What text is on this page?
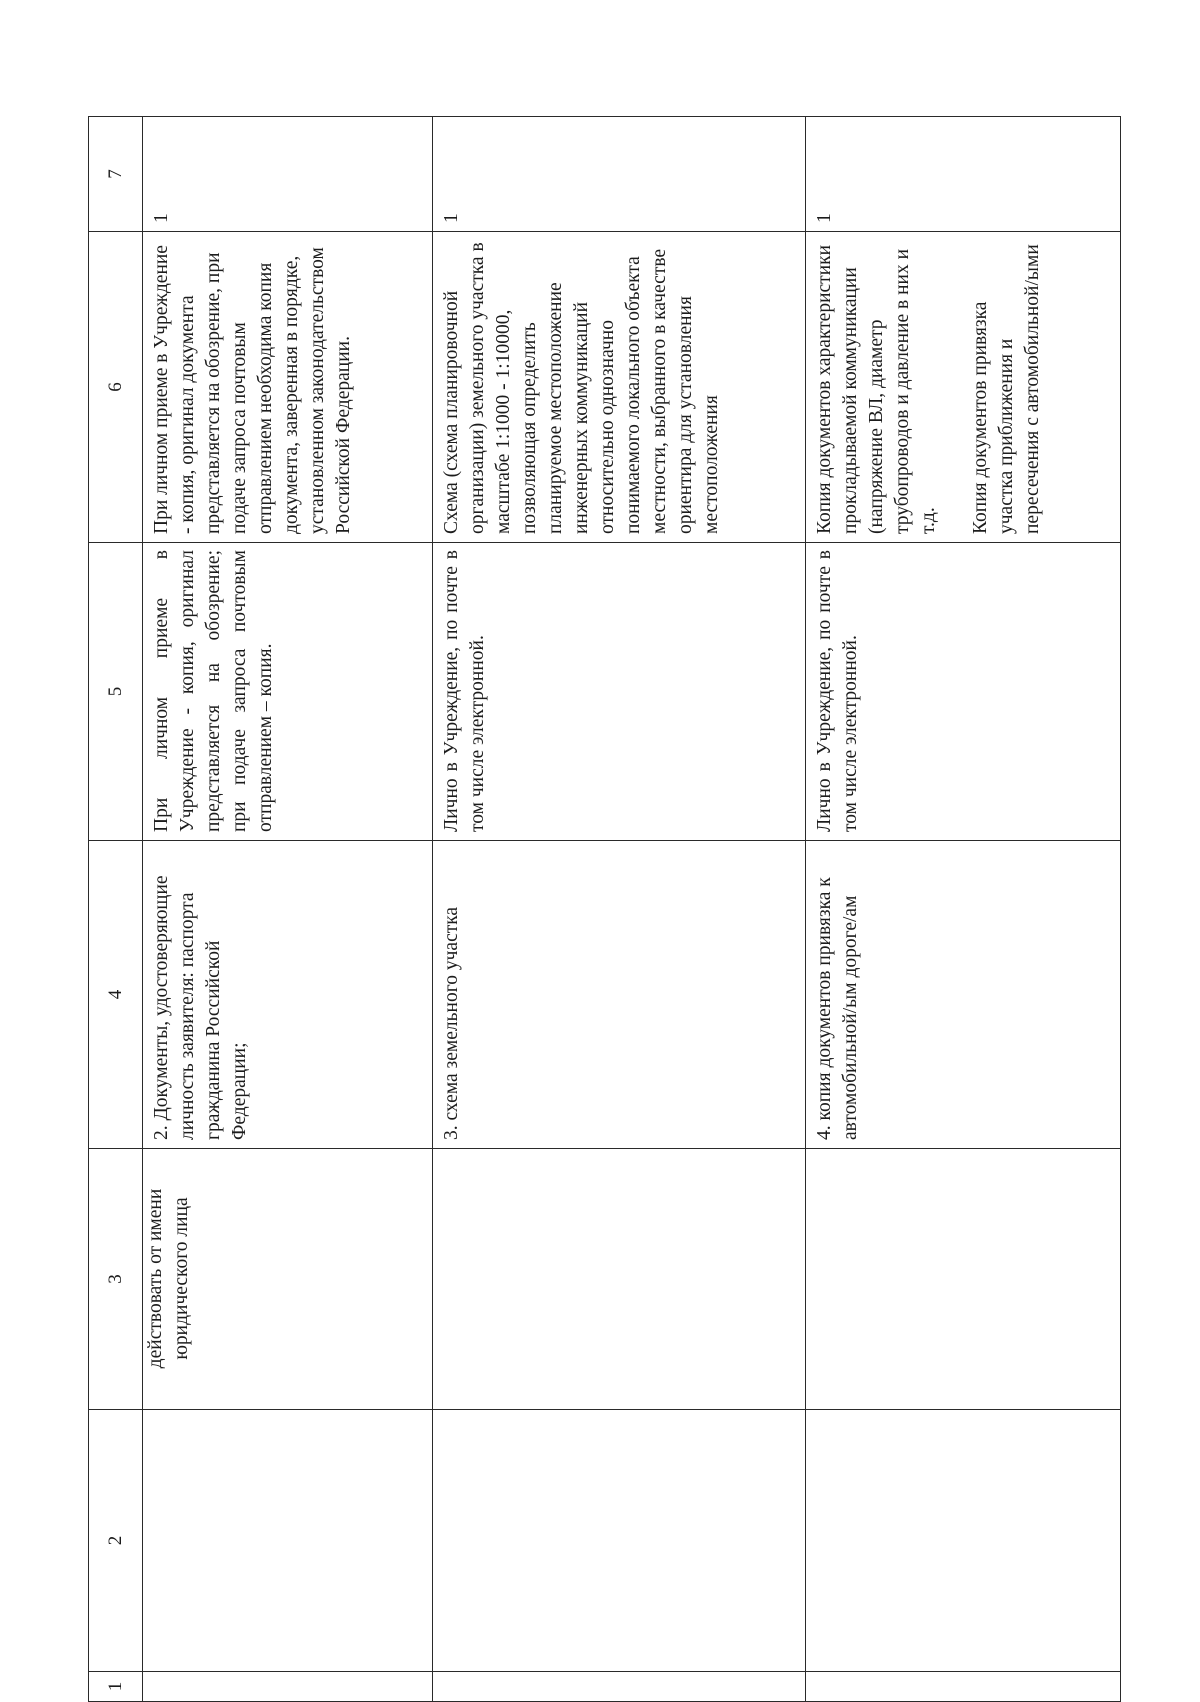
1	2	3	4	5	6	7

		действовать от имени юридического лица	2. Документы, удостоверяющие личность заявителя: паспорта гражданина Российской Федерации;	При личном приеме в Учреждение - копия, оригинал представляется на обозрение; при подаче запроса почтовым отправлением – копия.	При личном приеме в Учреждение - копия, оригинал документа представляется на обозрение, при подаче запроса почтовым отправлением необходима копия документа, заверенная в порядке, установленном законодательством Российской Федерации.	1

			3. схема земельного участка	Лично в Учреждение, по почте в том числе электронной.	Схема (схема планировочной организации) земельного участка в масштабе 1:1000 - 1:10000, позволяющая определить планируемое местоположение инженерных коммуникаций относительно однозначно понимаемого локального объекта местности, выбранного в качестве ориентира для установления местоположения	1

			4. копия документов привязка к автомобильной/ым дороге/ам	Лично в Учреждение, по почте в том числе электронной.	Копия документов характеристики прокладываемой коммуникации (напряжение ВЛ, диаметр трубопроводов и давление в них и т.д. Копия документов привязка участка приближения и пересечения с автомобильной/ыми	1
